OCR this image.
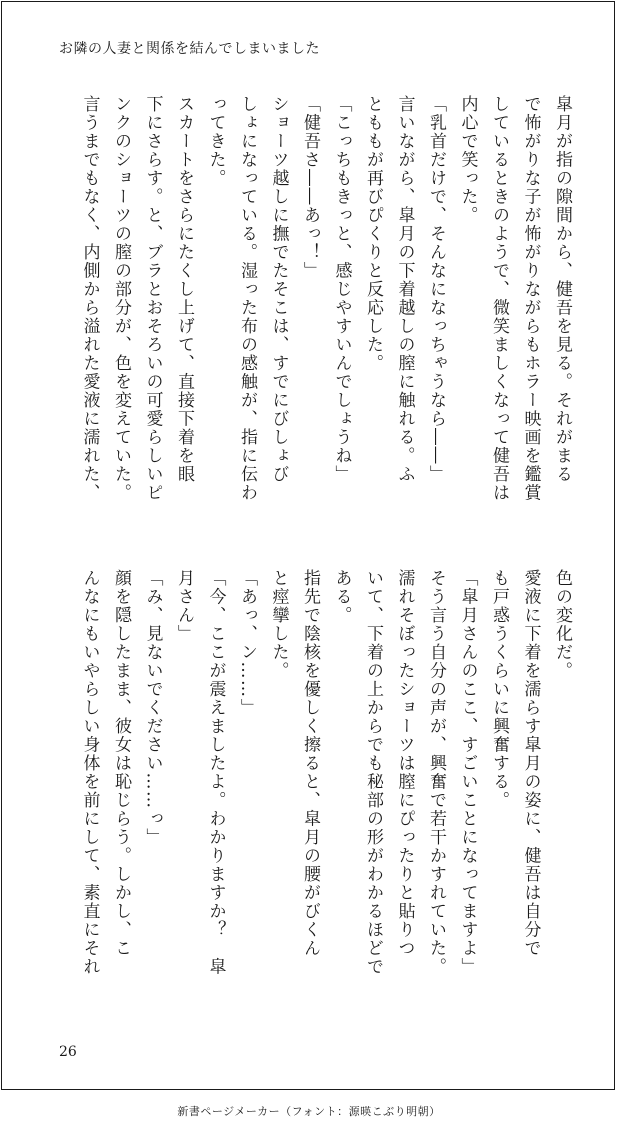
お隣の人妻と関係を結んでしまいました
皐月が指の隙間から、健吾を見る。それがまる
で怖がりな子が怖がりながらもホラー映画を鑑賞
しているときのようで、微笑ましくなって健吾は
内心で笑った。
「乳首だけで、そんなになっちゃうなら――」
言いながら、皐月の下着越しの膣に触れる。ふ
とももが再びぴくりと反応した。
「こっちもきっと、感じやすいんでしょうね」
「健吾さ――あっ！」
ショーツ越しに撫でたそこは、すでにびしょび
しょになっている。湿った布の感触が、指に伝わ
ってきた。
スカートをさらにたくし上げて、直接下着を眼
下にさらす。と、ブラとおそろいの可愛らしいピ
ンクのショーツの膣の部分が、色を変えていた。
言うまでもなく、内側から溢れた愛液に濡れた、
色の変化だ。
愛液に下着を濡らす皐月の姿に、健吾は自分で
も戸惑うくらいに興奮する。
「皐月さんのここ、すごいことになってますよ」
そう言う自分の声が、興奮で若干かすれていた。
濡れそぼったショーツは膣にぴったりと貼りつ
いて、下着の上からでも秘部の形がわかるほどで
ある。
指先で陰核を優しく擦ると、皐月の腰がびくん
と痙攣した。
「あっ、ン……」
「今、ここが震えましたよ。わかりますか？　皐
月さん」
「み、見ないでください……っ」
顔を隠したまま、彼女は恥じらう。しかし、こ
んなにもいやらしい身体を前にして、素直にそれ
26
新書ページメーカー（フォント：源暎こぶり明朝）
